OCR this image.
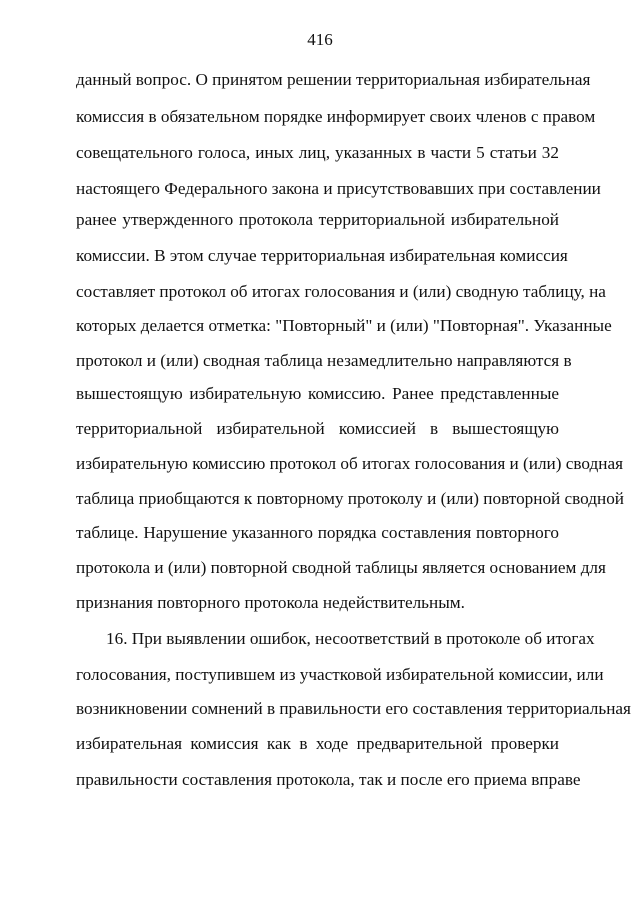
416
данный вопрос. О принятом решении территориальная избирательная
комиссия в обязательном порядке информирует своих членов с правом
совещательного голоса, иных лиц, указанных в части 5 статьи 32
настоящего Федерального закона и присутствовавших при составлении
ранее утвержденного протокола территориальной избирательной
комиссии. В этом случае территориальная избирательная комиссия
составляет протокол об итогах голосования и (или) сводную таблицу, на
которых делается отметка: "Повторный" и (или) "Повторная". Указанные
протокол и (или) сводная таблица незамедлительно направляются в
вышестоящую избирательную комиссию. Ранее представленные
территориальной избирательной комиссией в вышестоящую
избирательную комиссию протокол об итогах голосования и (или) сводная
таблица приобщаются к повторному протоколу и (или) повторной сводной
таблице. Нарушение указанного порядка составления повторного
протокола и (или) повторной сводной таблицы является основанием для
признания повторного протокола недействительным.
16. При выявлении ошибок, несоответствий в протоколе об итогах
голосования, поступившем из участковой избирательной комиссии, или
возникновении сомнений в правильности его составления территориальная
избирательная комиссия как в ходе предварительной проверки
правильности составления протокола, так и после его приема вправе
